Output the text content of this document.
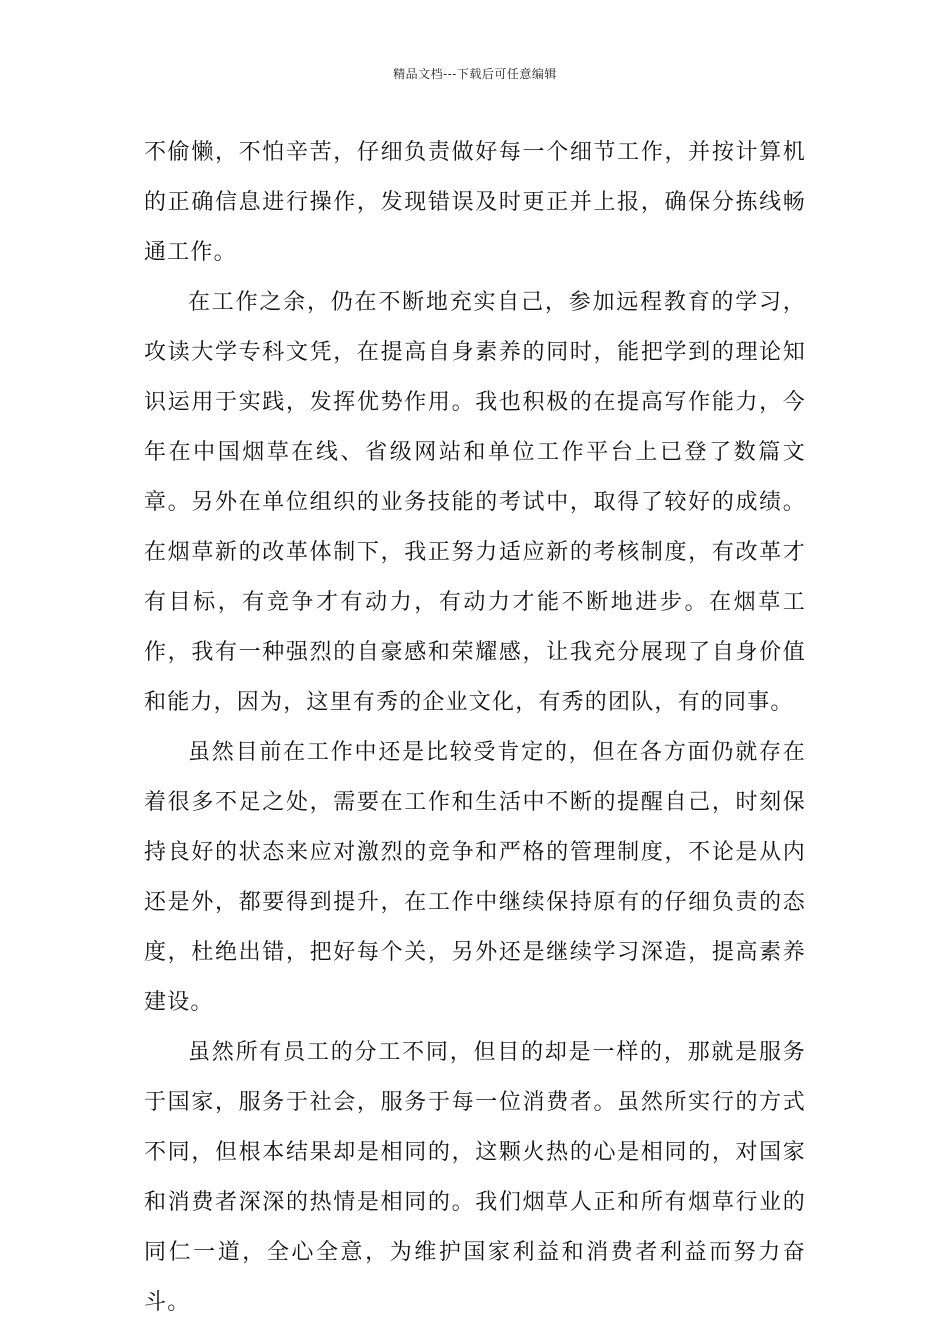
精品文档---下载后可任意编辑

不偷懒，不怕辛苦，仔细负责做好每一个细节工作，并按计算机的正确信息进行操作，发现错误及时更正并上报，确保分拣线畅通工作。

在工作之余，仍在不断地充实自己，参加远程教育的学习，攻读大学专科文凭，在提高自身素养的同时，能把学到的理论知识运用于实践，发挥优势作用。我也积极的在提高写作能力，今年在中国烟草在线、省级网站和单位工作平台上已登了数篇文章。另外在单位组织的业务技能的考试中，取得了较好的成绩。在烟草新的改革体制下，我正努力适应新的考核制度，有改革才有目标，有竞争才有动力，有动力才能不断地进步。在烟草工作，我有一种强烈的自豪感和荣耀感，让我充分展现了自身价值和能力，因为，这里有秀的企业文化，有秀的团队，有的同事。

虽然目前在工作中还是比较受肯定的，但在各方面仍就存在着很多不足之处，需要在工作和生活中不断的提醒自己，时刻保持良好的状态来应对激烈的竞争和严格的管理制度，不论是从内还是外，都要得到提升，在工作中继续保持原有的仔细负责的态度，杜绝出错，把好每个关，另外还是继续学习深造，提高素养建设。

虽然所有员工的分工不同，但目的却是一样的，那就是服务于国家，服务于社会，服务于每一位消费者。虽然所实行的方式不同，但根本结果却是相同的，这颗火热的心是相同的，对国家和消费者深深的热情是相同的。我们烟草人正和所有烟草行业的同仁一道，全心全意，为维护国家利益和消费者利益而努力奋斗。
